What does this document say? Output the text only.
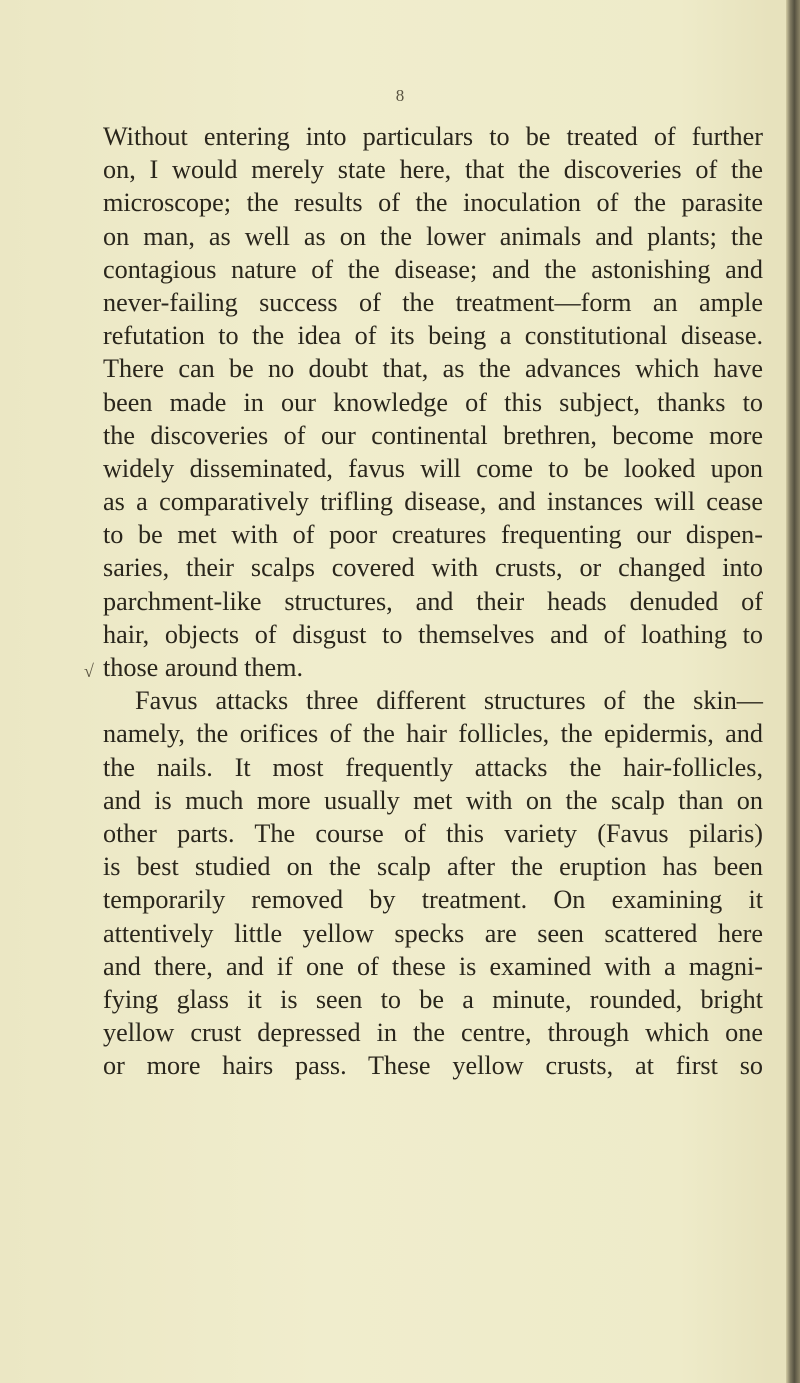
8
√
Without entering into particulars to be treated of further
on, I would merely state here, that the discoveries of the
microscope; the results of the inoculation of the parasite
on man, as well as on the lower animals and plants; the
contagious nature of the disease; and the astonishing and
never-failing success of the treatment—form an ample
refutation to the idea of its being a constitutional disease.
There can be no doubt that, as the advances which have
been made in our knowledge of this subject, thanks to
the discoveries of our continental brethren, become more
widely disseminated, favus will come to be looked upon
as a comparatively trifling disease, and instances will cease
to be met with of poor creatures frequenting our dispen-
saries, their scalps covered with crusts, or changed into
parchment-like structures, and their heads denuded of
hair, objects of disgust to themselves and of loathing to
those around them.
Favus attacks three different structures of the skin—
namely, the orifices of the hair follicles, the epidermis, and
the nails. It most frequently attacks the hair-follicles,
and is much more usually met with on the scalp than on
other parts. The course of this variety (Favus pilaris)
is best studied on the scalp after the eruption has been
temporarily removed by treatment. On examining it
attentively little yellow specks are seen scattered here
and there, and if one of these is examined with a magni-
fying glass it is seen to be a minute, rounded, bright
yellow crust depressed in the centre, through which one
or more hairs pass. These yellow crusts, at first so
